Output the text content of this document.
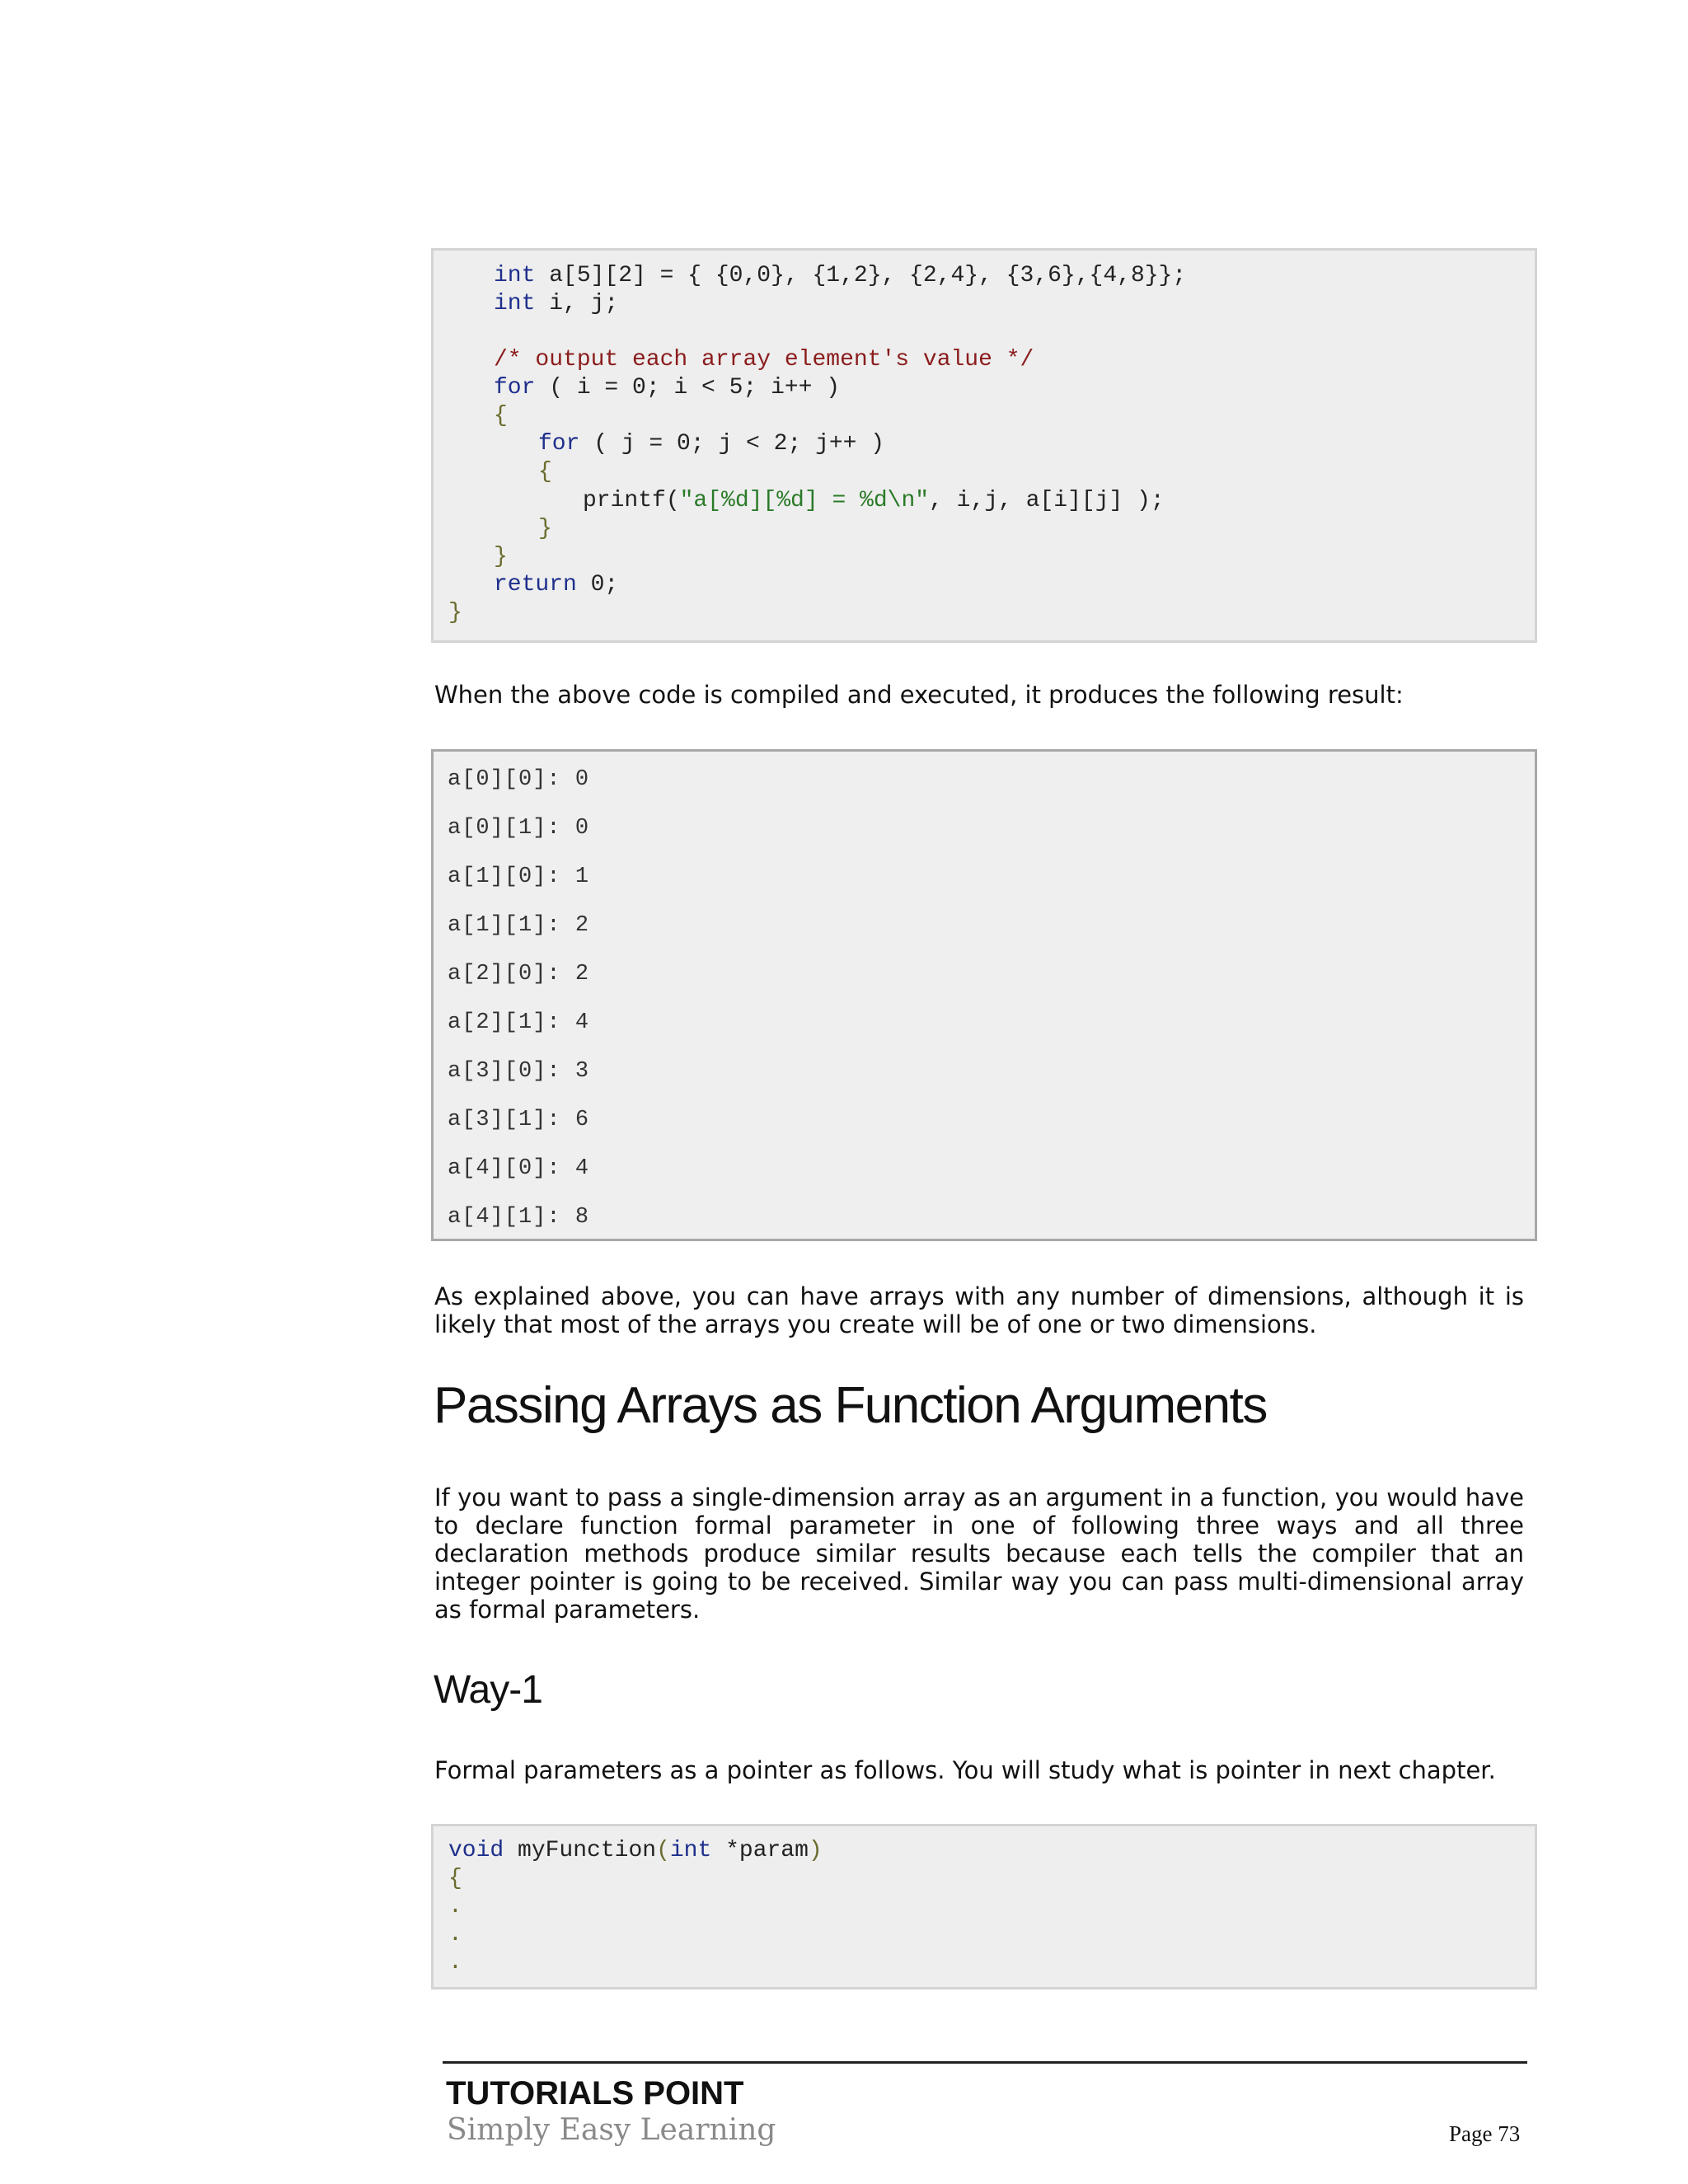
int a[5][2] = { {0,0}, {1,2}, {2,4}, {3,6},{4,8}};
int i, j;
/* output each array element's value */
for ( i = 0; i < 5; i++ )
{
for ( j = 0; j < 2; j++ )
{
printf("a[%d][%d] = %d\n", i,j, a[i][j] );
}
}
return 0;
}

When the above code is compiled and executed, it produces the following result:

a[0][0]: 0
a[0][1]: 0
a[1][0]: 1
a[1][1]: 2
a[2][0]: 2
a[2][1]: 4
a[3][0]: 3
a[3][1]: 6
a[4][0]: 4
a[4][1]: 8

As explained above, you can have arrays with any number of dimensions, although it is likely that most of the arrays you create will be of one or two dimensions.

Passing Arrays as Function Arguments

If you want to pass a single-dimension array as an argument in a function, you would have to declare function formal parameter in one of following three ways and all three declaration methods produce similar results because each tells the compiler that an integer pointer is going to be received. Similar way you can pass multi-dimensional array as formal parameters.

Way-1

Formal parameters as a pointer as follows. You will study what is pointer in next chapter.

void myFunction(int *param)
{
.
.
.
TUTORIALS POINT
Simply Easy Learning	Page 73
